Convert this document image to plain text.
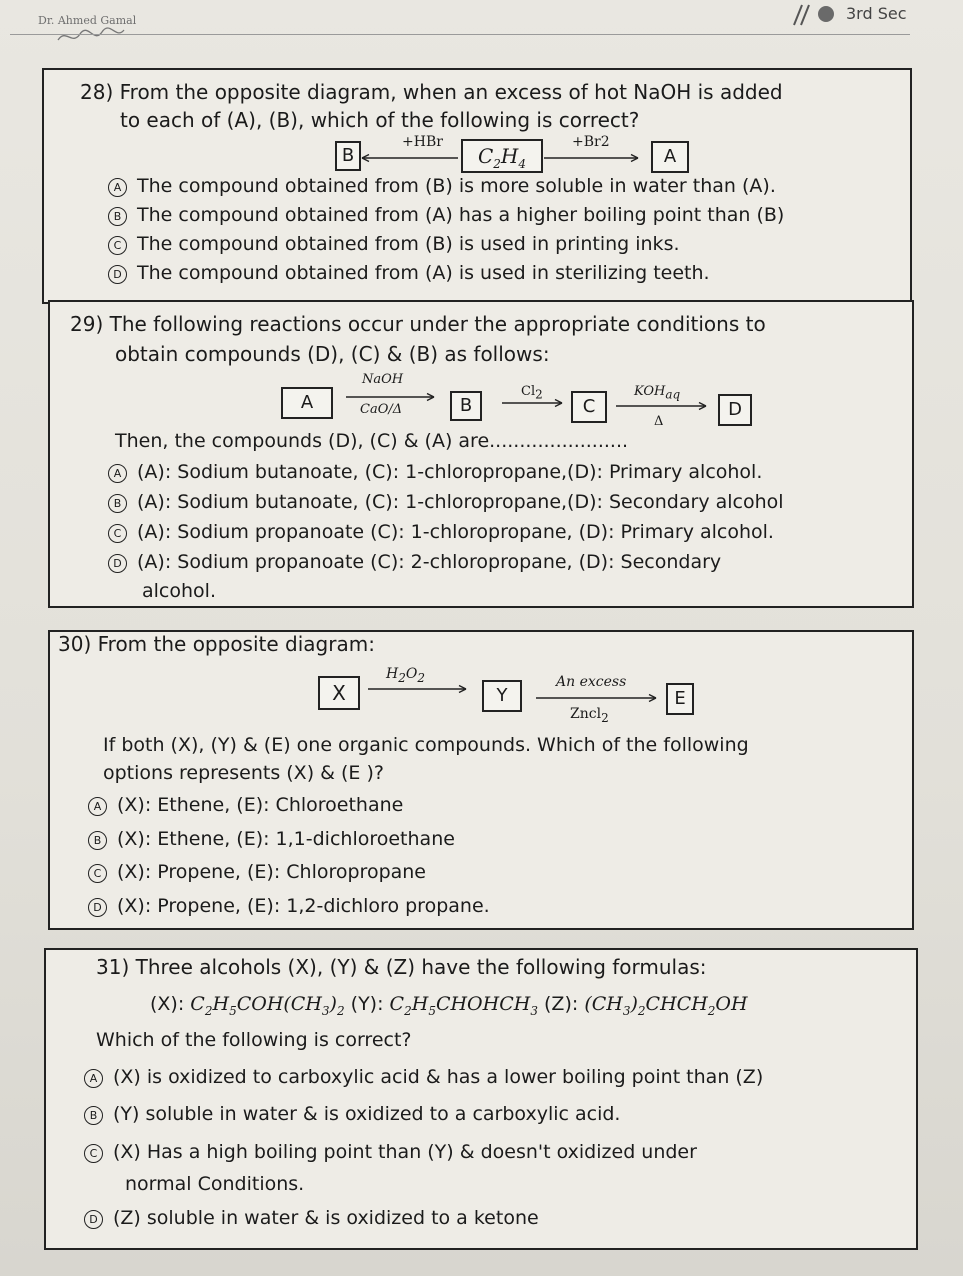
Dr. Ahmed Gamal	3rd Sec
28) From the opposite diagram, when an excess of hot NaOH is added
to each of (A), (B), which of the following is correct?
B
+HBr
$C_2H_4$
+Br2
A
A The compound obtained from (B) is more soluble in water than (A).
B The compound obtained from (A) has a higher boiling point than (B)
C The compound obtained from (B) is used in printing inks.
D The compound obtained from (A) is used in sterilizing teeth.
29) The following reactions occur under the appropriate conditions to
obtain compounds (D), (C) & (B) as follows:
A
NaOH
CaO/Δ	B
$Cl_2$
C
$KOH_{aq}$
Δ
D
Then, the compounds (D), (C) & (A) are.......................
A (A): Sodium butanoate, (C): 1-chloropropane,(D): Primary alcohol.
B (A): Sodium butanoate, (C): 1-chloropropane,(D): Secondary alcohol
C (A): Sodium propanoate (C): 1-chloropropane, (D): Primary alcohol.
D (A): Sodium propanoate (C): 2-chloropropane, (D): Secondary
alcohol.
30) From the opposite diagram:
X
$H_2O_2$
Y
An excess
Zncl$_2$
E
If both (X), (Y) & (E) one organic compounds. Which of the following
options represents (X) & (E )?
A (X): Ethene, (E): Chloroethane
B (X): Ethene, (E): 1,1-dichloroethane
C (X): Propene, (E): Chloropropane
D (X): Propene, (E): 1,2-dichloro propane.
31) Three alcohols (X), (Y) & (Z) have the following formulas:
(X): $C_2H_5COH(CH_3)_2$ (Y): $C_2H_5CHOHCH_3$ (Z): $(CH_3)_2CHCH_2OH$
Which of the following is correct?
A (X) is oxidized to carboxylic acid & has a lower boiling point than (Z)
B (Y) soluble in water & is oxidized to a carboxylic acid.
C (X) Has a high boiling point than (Y) & doesn't oxidized under
normal Conditions.
D (Z) soluble in water & is oxidized to a ketone
